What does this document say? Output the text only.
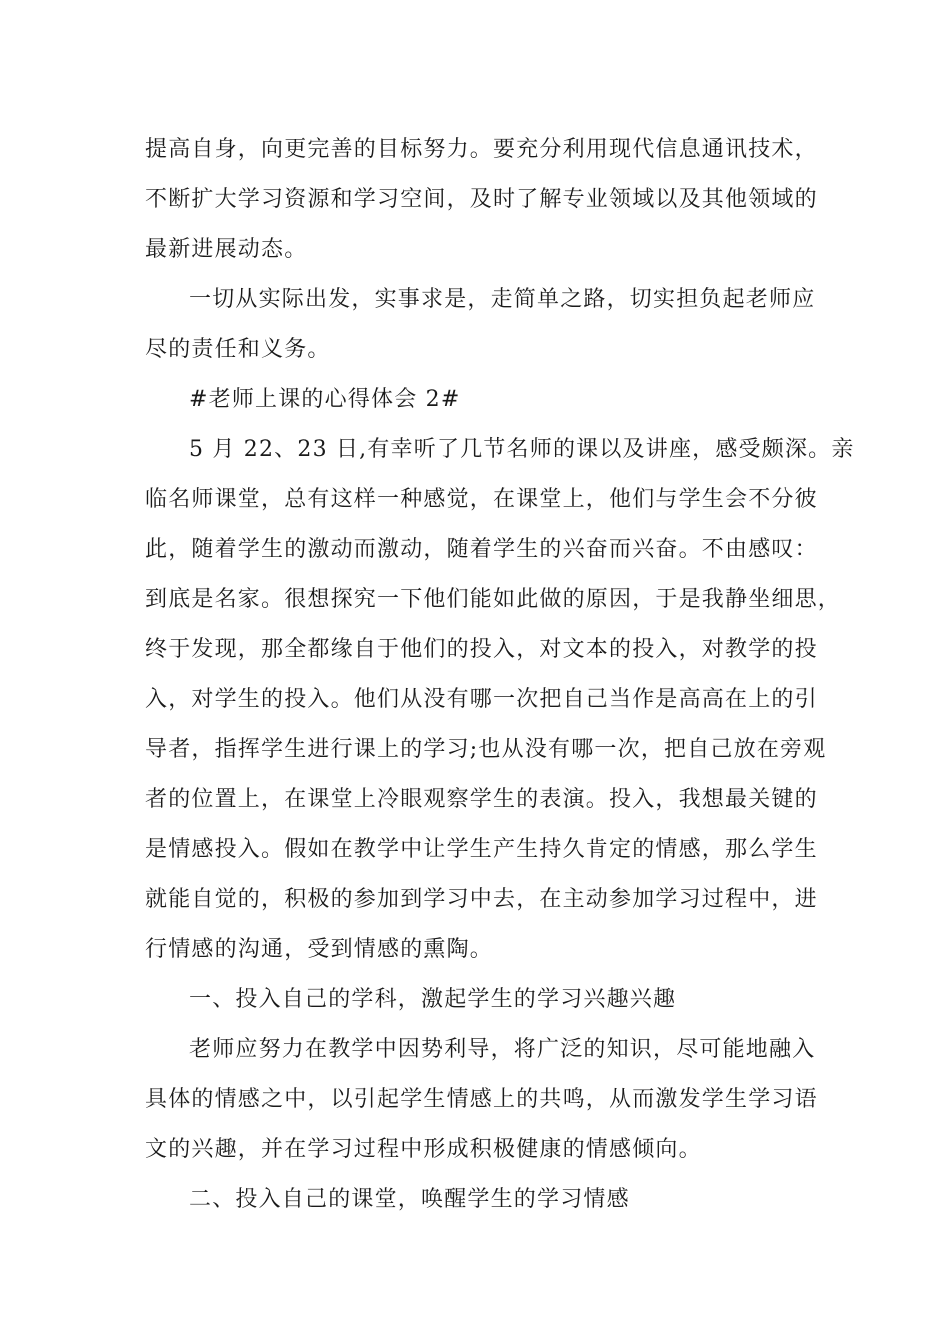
提高自身，向更完善的目标努力。要充分利用现代信息通讯技术，
不断扩大学习资源和学习空间，及时了解专业领域以及其他领域的
最新进展动态。
一切从实际出发，实事求是，走简单之路，切实担负起老师应
尽的责任和义务。
#老师上课的心得体会 2#
5 月 22、23 日,有幸听了几节名师的课以及讲座，感受颇深。亲
临名师课堂，总有这样一种感觉，在课堂上，他们与学生会不分彼
此，随着学生的激动而激动，随着学生的兴奋而兴奋。不由感叹：
到底是名家。很想探究一下他们能如此做的原因，于是我静坐细思，
终于发现，那全都缘自于他们的投入，对文本的投入，对教学的投
入，对学生的投入。他们从没有哪一次把自己当作是高高在上的引
导者，指挥学生进行课上的学习;也从没有哪一次，把自己放在旁观
者的位置上，在课堂上冷眼观察学生的表演。投入，我想最关键的
是情感投入。假如在教学中让学生产生持久肯定的情感，那么学生
就能自觉的，积极的参加到学习中去，在主动参加学习过程中，进
行情感的沟通，受到情感的熏陶。
一、投入自己的学科，激起学生的学习兴趣兴趣
老师应努力在教学中因势利导，将广泛的知识，尽可能地融入
具体的情感之中，以引起学生情感上的共鸣，从而激发学生学习语
文的兴趣，并在学习过程中形成积极健康的情感倾向。
二、投入自己的课堂，唤醒学生的学习情感
